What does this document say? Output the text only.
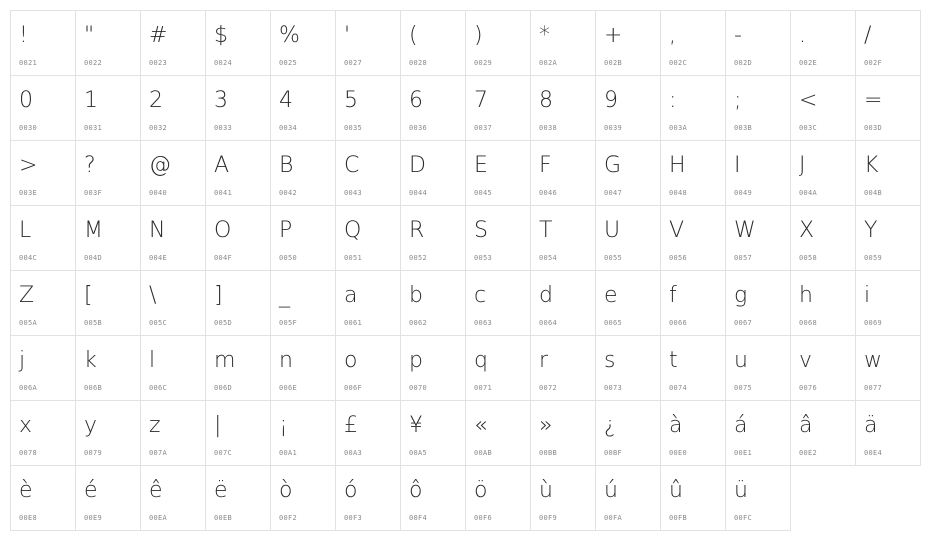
!
0021
"
0022
#
0023
$
0024
%
0025
'
0027
(
0028
)
0029
*
002A
+
002B
,
002C
-
002D
.
002E
/
002F
0
0030
1
0031
2
0032
3
0033
4
0034
5
0035
6
0036
7
0037
8
0038
9
0039
:
003A
;
003B
<
003C
=
003D
>
003E
?
003F
@
0040
A
0041
B
0042
C
0043
D
0044
E
0045
F
0046
G
0047
H
0048
I
0049
J
004A
K
004B
L
004C
M
004D
N
004E
O
004F
P
0050
Q
0051
R
0052
S
0053
T
0054
U
0055
V
0056
W
0057
X
0058
Y
0059
Z
005A
[
005B
\
005C
]
005D
_
005F
a
0061
b
0062
c
0063
d
0064
e
0065
f
0066
g
0067
h
0068
i
0069
j
006A
k
006B
l
006C
m
006D
n
006E
o
006F
p
0070
q
0071
r
0072
s
0073
t
0074
u
0075
v
0076
w
0077
x
0078
y
0079
z
007A
|
007C
¡
00A1
£
00A3
¥
00A5
«
00AB
»
00BB
¿
00BF
à
00E0
á
00E1
â
00E2
ä
00E4
è
00E8
é
00E9
ê
00EA
ë
00EB
ò
00F2
ó
00F3
ô
00F4
ö
00F6
ù
00F9
ú
00FA
û
00FB
ü
00FC
